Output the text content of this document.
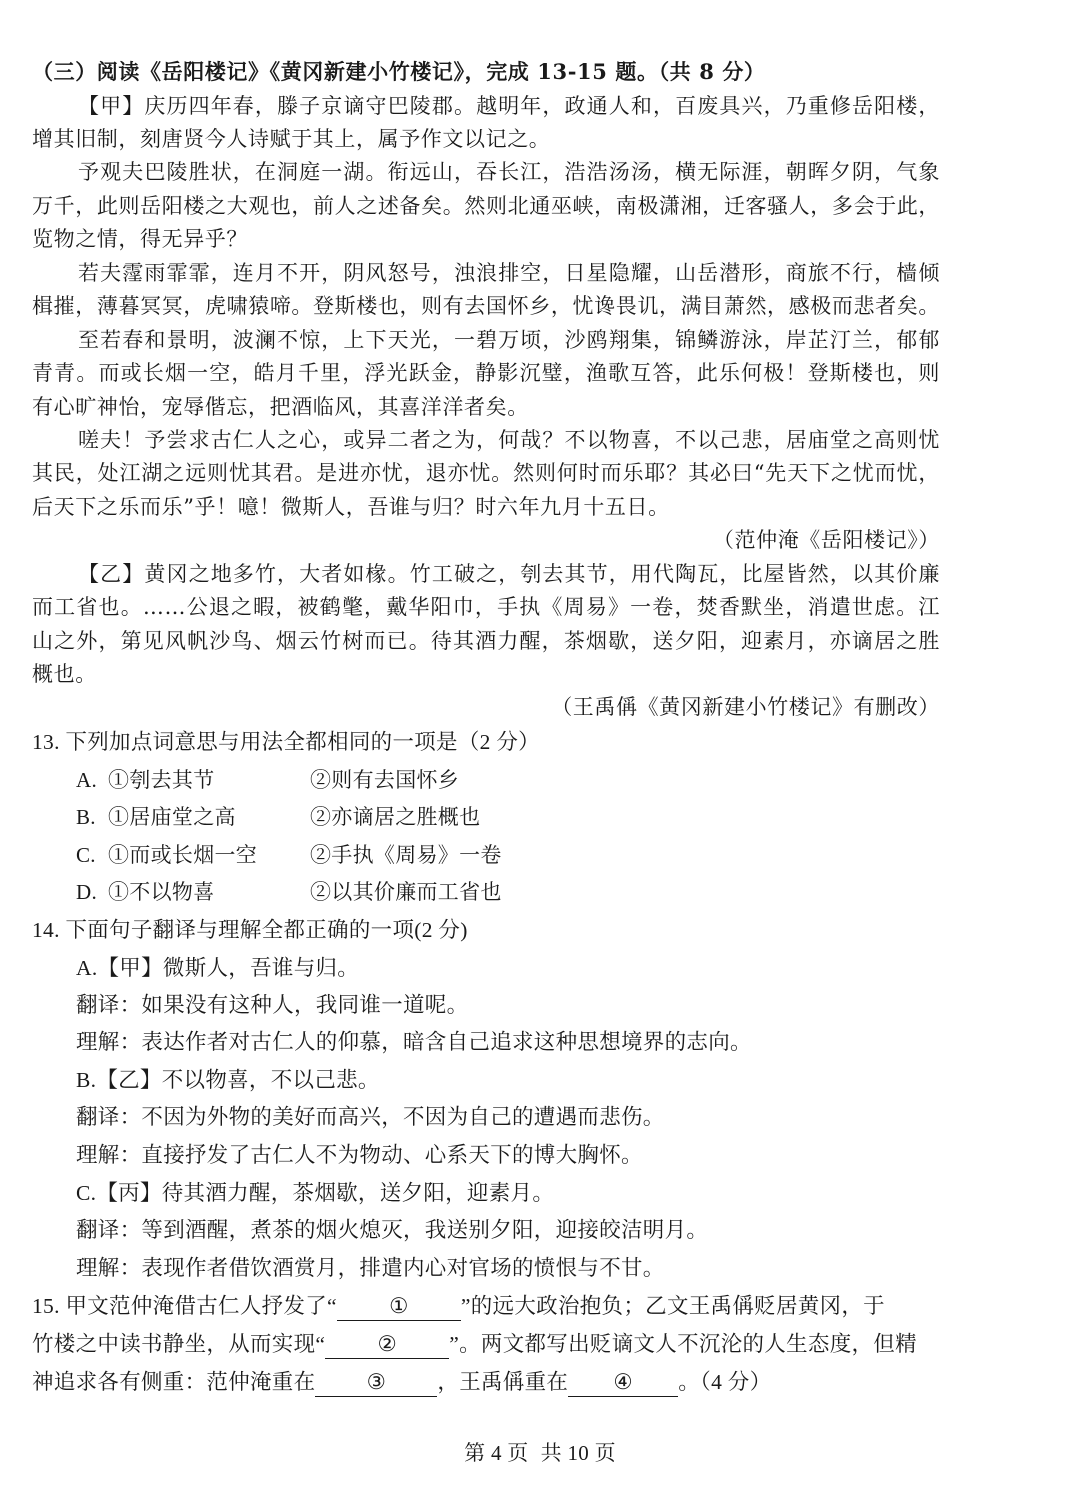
（三）阅读《岳阳楼记》《黄冈新建小竹楼记》，完成 13-15 题。（共 8 分）
【甲】庆历四年春，滕子京谪守巴陵郡。越明年，政通人和，百废具兴，乃重修岳阳楼，
增其旧制，刻唐贤今人诗赋于其上，属予作文以记之。
予观夫巴陵胜状，在洞庭一湖。衔远山，吞长江，浩浩汤汤，横无际涯，朝晖夕阴，气象
万千，此则岳阳楼之大观也，前人之述备矣。然则北通巫峡，南极潇湘，迁客骚人，多会于此，
览物之情，得无异乎？
若夫霪雨霏霏，连月不开，阴风怒号，浊浪排空，日星隐耀，山岳潜形，商旅不行，樯倾
楫摧，薄暮冥冥，虎啸猿啼。登斯楼也，则有去国怀乡，忧谗畏讥，满目萧然，感极而悲者矣。
至若春和景明，波澜不惊，上下天光，一碧万顷，沙鸥翔集，锦鳞游泳，岸芷汀兰，郁郁
青青。而或长烟一空，皓月千里，浮光跃金，静影沉璧，渔歌互答，此乐何极！登斯楼也，则
有心旷神怡，宠辱偕忘，把酒临风，其喜洋洋者矣。
嗟夫！予尝求古仁人之心，或异二者之为，何哉？不以物喜，不以己悲，居庙堂之高则忧
其民，处江湖之远则忧其君。是进亦忧，退亦忧。然则何时而乐耶？其必曰“先天下之忧而忧，
后天下之乐而乐”乎！噫！微斯人，吾谁与归？时六年九月十五日。
（范仲淹《岳阳楼记》）
【乙】黄冈之地多竹，大者如椽。竹工破之，刳去其节，用代陶瓦，比屋皆然，以其价廉
而工省也。……公退之暇，被鹤氅，戴华阳巾，手执《周易》一卷，焚香默坐，消遣世虑。江
山之外，第见风帆沙鸟、烟云竹树而已。待其酒力醒，茶烟歇，送夕阳，迎素月，亦谪居之胜
概也。
（王禹偁《黄冈新建小竹楼记》有删改）
13. 下列加点词意思与用法全都相同的一项是（2 分）
A. ①刳去其节	②则有去国怀乡
B. ①居庙堂之高	②亦谪居之胜概也
C. ①而或长烟一空	②手执《周易》一卷
D. ①不以物喜	②以其价廉而工省也
14. 下面句子翻译与理解全都正确的一项(2 分)
A.【甲】微斯人，吾谁与归。
翻译：如果没有这种人，我同谁一道呢。
理解：表达作者对古仁人的仰慕，暗含自己追求这种思想境界的志向。
B.【乙】不以物喜，不以己悲。
翻译：不因为外物的美好而高兴，不因为自己的遭遇而悲伤。
理解：直接抒发了古仁人不为物动、心系天下的博大胸怀。
C.【丙】待其酒力醒，茶烟歇，送夕阳，迎素月。
翻译：等到酒醒，煮茶的烟火熄灭，我送别夕阳，迎接皎洁明月。
理解：表现作者借饮酒赏月，排遣内心对官场的愤恨与不甘。
15. 甲文范仲淹借古仁人抒发了“ ① ”的远大政治抱负；乙文王禹偁贬居黄冈，于
竹楼之中读书静坐，从而实现“ ② ”。两文都写出贬谪文人不沉沦的人生态度，但精
神追求各有侧重：范仲淹重在 ③ ，王禹偁重在 ④ 。（4 分）
第 4 页 共 10 页
